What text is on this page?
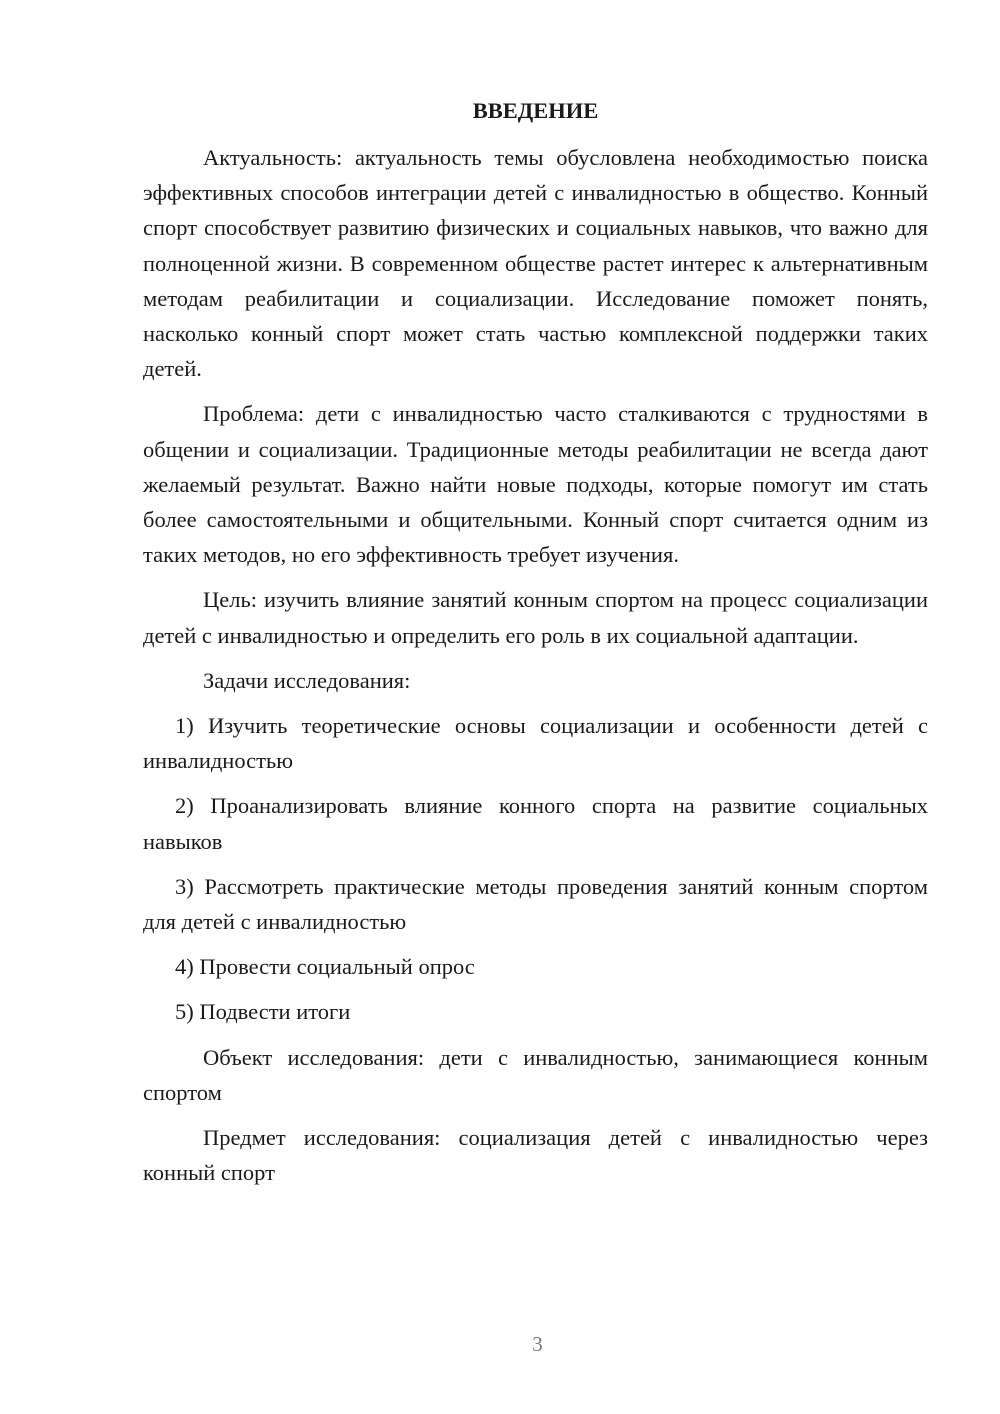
ВВЕДЕНИЕ

Актуальность: актуальность темы обусловлена необходимостью поиска эффективных способов интеграции детей с инвалидностью в общество. Конный спорт способствует развитию физических и социальных навыков, что важно для полноценной жизни. В современном обществе растет интерес к альтернативным методам реабилитации и социализации. Исследование поможет понять, насколько конный спорт может стать частью комплексной поддержки таких детей.

Проблема: дети с инвалидностью часто сталкиваются с трудностями в общении и социализации. Традиционные методы реабилитации не всегда дают желаемый результат. Важно найти новые подходы, которые помогут им стать более самостоятельными и общительными. Конный спорт считается одним из таких методов, но его эффективность требует изучения.

Цель: изучить влияние занятий конным спортом на процесс социализации детей с инвалидностью и определить его роль в их социальной адаптации.

Задачи исследования:

1) Изучить теоретические основы социализации и особенности детей с инвалидностью

2) Проанализировать влияние конного спорта на развитие социальных навыков

3) Рассмотреть практические методы проведения занятий конным спортом для детей с инвалидностью

4) Провести социальный опрос

5) Подвести итоги

Объект исследования: дети с инвалидностью, занимающиеся конным спортом

Предмет исследования: социализация детей с инвалидностью через конный спорт

3
